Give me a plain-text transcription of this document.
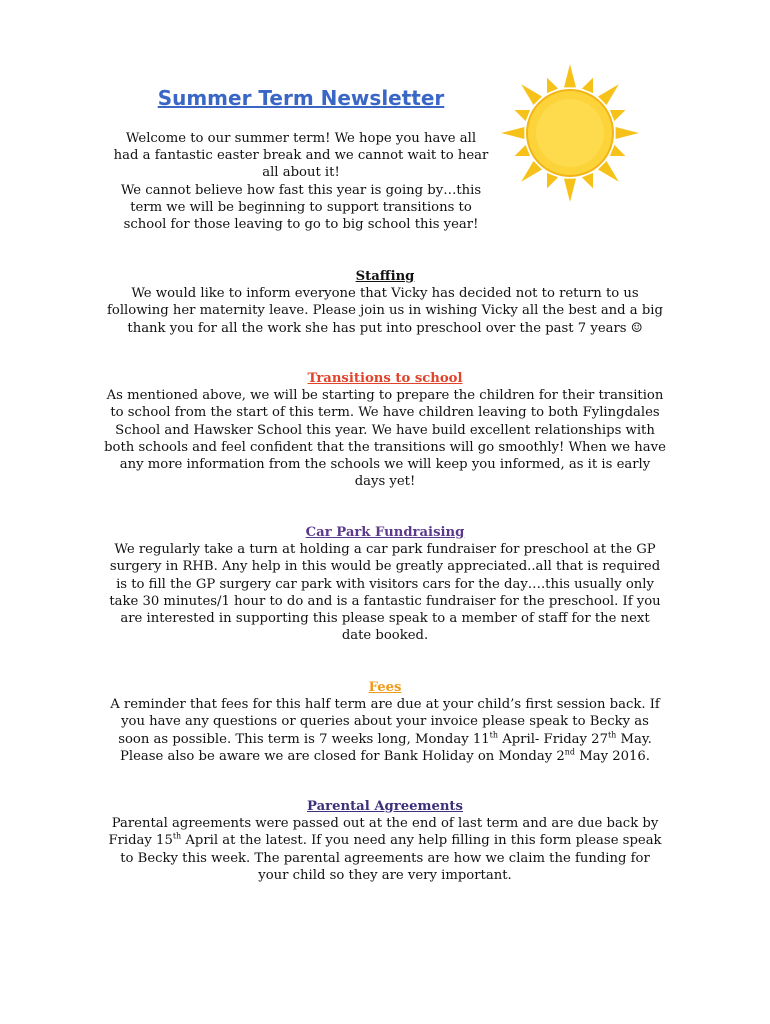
Summer Term Newsletter

Welcome to our summer term! We hope you have all had a fantastic easter break and we cannot wait to hear all about it!

We cannot believe how fast this year is going by…this term we will be beginning to support transitions to school for those leaving to go to big school this year!

Staffing

We would like to inform everyone that Vicky has decided not to return to us following her maternity leave. Please join us in wishing Vicky all the best and a big thank you for all the work she has put into preschool over the past 7 years ☺

Transitions to school

As mentioned above, we will be starting to prepare the children for their transition to school from the start of this term. We have children leaving to both Fylingdales School and Hawsker School this year. We have build excellent relationships with both schools and feel confident that the transitions will go smoothly! When we have any more information from the schools we will keep you informed, as it is early days yet!

Car Park Fundraising

We regularly take a turn at holding a car park fundraiser for preschool at the GP surgery in RHB. Any help in this would be greatly appreciated..all that is required is to fill the GP surgery car park with visitors cars for the day….this usually only take 30 minutes/1 hour to do and is a fantastic fundraiser for the preschool. If you are interested in supporting this please speak to a member of staff for the next date booked.

Fees

A reminder that fees for this half term are due at your child’s first session back. If you have any questions or queries about your invoice please speak to Becky as soon as possible. This term is 7 weeks long, Monday 11th April- Friday 27th May. Please also be aware we are closed for Bank Holiday on Monday 2nd May 2016.

Parental Agreements

Parental agreements were passed out at the end of last term and are due back by Friday 15th April at the latest. If you need any help filling in this form please speak to Becky this week. The parental agreements are how we claim the funding for your child so they are very important.
